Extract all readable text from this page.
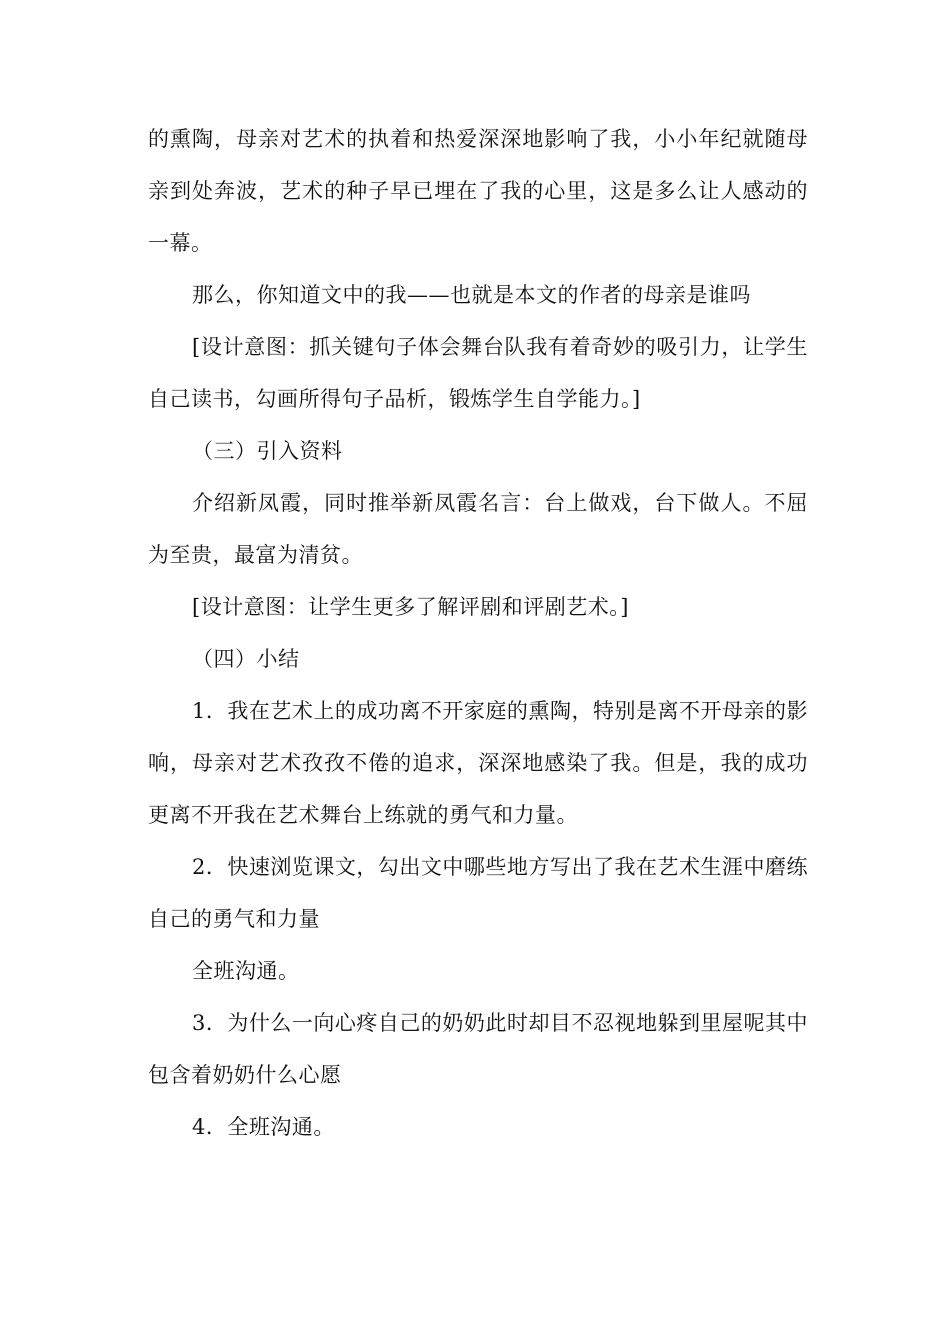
的熏陶，母亲对艺术的执着和热爱深深地影响了我，小小年纪就随母亲到处奔波，艺术的种子早已埋在了我的心里，这是多么让人感动的一幕。

那么，你知道文中的我——也就是本文的作者的母亲是谁吗

[设计意图：抓关键句子体会舞台队我有着奇妙的吸引力，让学生自己读书，勾画所得句子品析，锻炼学生自学能力。]

（三）引入资料

介绍新凤霞，同时推举新凤霞名言：台上做戏，台下做人。不屈为至贵，最富为清贫。

[设计意图：让学生更多了解评剧和评剧艺术。]

（四）小结

1．我在艺术上的成功离不开家庭的熏陶，特别是离不开母亲的影响，母亲对艺术孜孜不倦的追求，深深地感染了我。但是，我的成功更离不开我在艺术舞台上练就的勇气和力量。

2．快速浏览课文，勾出文中哪些地方写出了我在艺术生涯中磨练自己的勇气和力量

全班沟通。

3．为什么一向心疼自己的奶奶此时却目不忍视地躲到里屋呢其中包含着奶奶什么心愿

4．全班沟通。
